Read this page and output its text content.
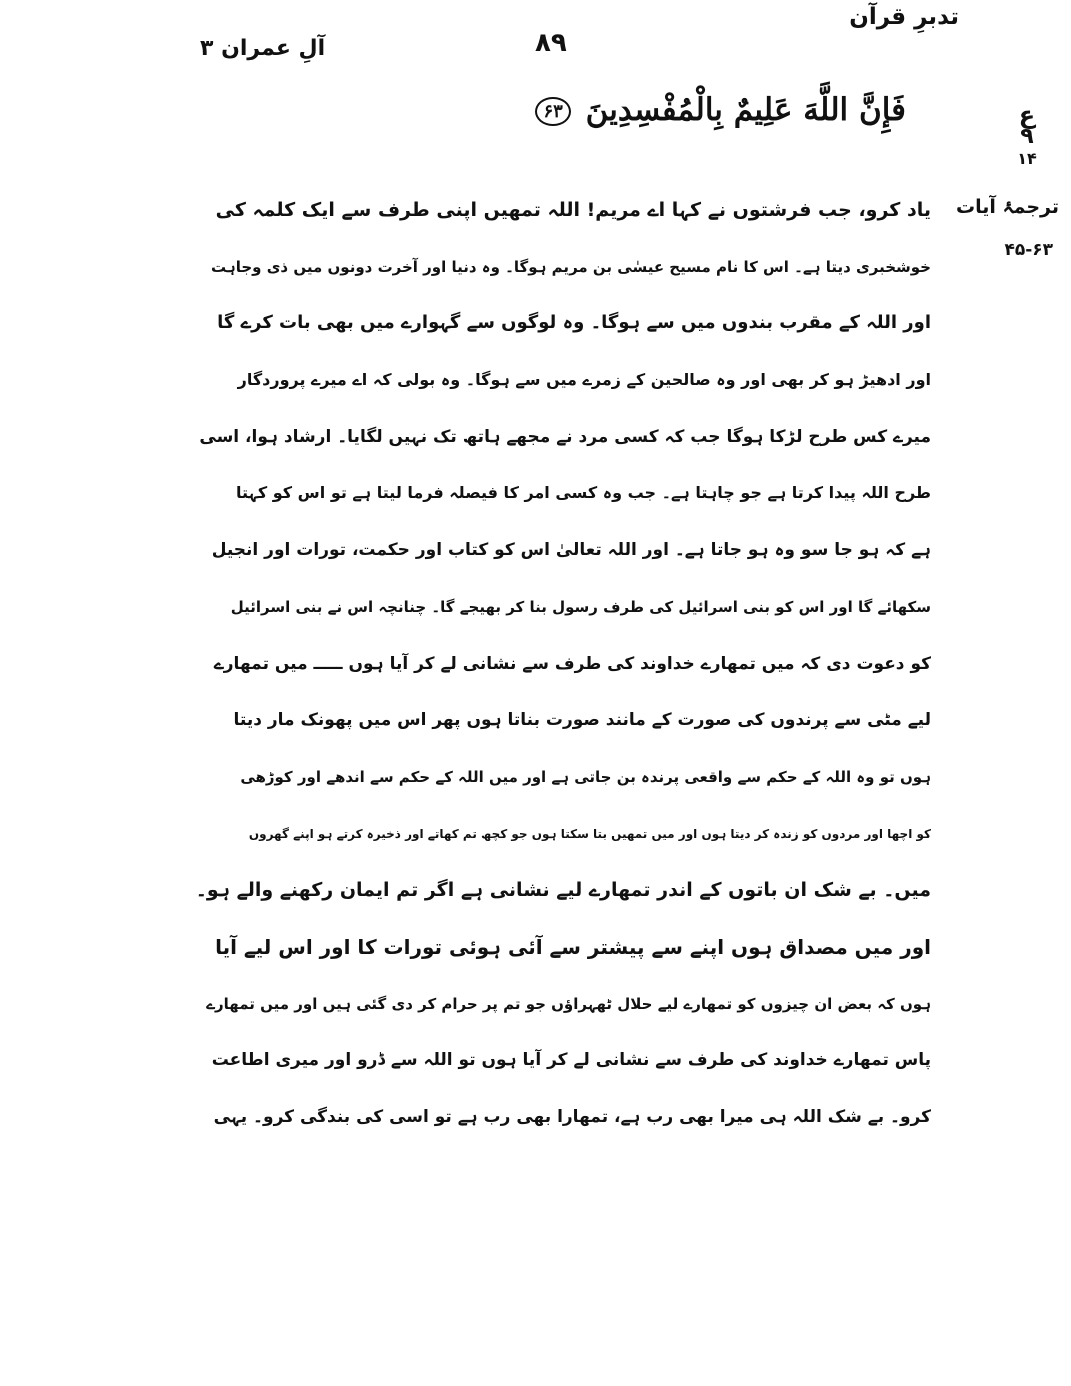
تدبرِ قرآن
۸۹
آلِ عمران ۳
فَإِنَّ اللَّهَ عَلِيمٌ بِالْمُفْسِدِينَ ۶۳	ع
۹
۱۴
ترجمۂ آیات
۴۵-۶۳
یاد کرو، جب فرشتوں نے کہا اے مریم! اللہ تمھیں اپنی طرف سے ایک کلمہ کی
خوشخبری دیتا ہے۔ اس کا نام مسیح عیسٰی بن مریم ہوگا۔ وہ دنیا اور آخرت دونوں میں ذی وجاہت
اور اللہ کے مقرب بندوں میں سے ہوگا۔ وہ لوگوں سے گہوارے میں بھی بات کرے گا
اور ادھیڑ ہو کر بھی اور وہ صالحین کے زمرے میں سے ہوگا۔ وہ بولی کہ اے میرے پروردگار
میرے کس طرح لڑکا ہوگا جب کہ کسی مرد نے مجھے ہاتھ تک نہیں لگایا۔ ارشاد ہوا، اسی
طرح اللہ پیدا کرتا ہے جو چاہتا ہے۔ جب وہ کسی امر کا فیصلہ فرما لیتا ہے تو اس کو کہتا
ہے کہ ہو جا سو وہ ہو جاتا ہے۔ اور اللہ تعالیٰ اس کو کتاب اور حکمت، تورات اور انجیل
سکھائے گا اور اس کو بنی اسرائیل کی طرف رسول بنا کر بھیجے گا۔ چنانچہ اس نے بنی اسرائیل
کو دعوت دی کہ میں تمھارے خداوند کی طرف سے نشانی لے کر آیا ہوں ـــــ میں تمھارے
لیے مٹی سے پرندوں کی صورت کے مانند صورت بناتا ہوں پھر اس میں پھونک مار دیتا
ہوں تو وہ اللہ کے حکم سے واقعی پرندہ بن جاتی ہے اور میں اللہ کے حکم سے اندھے اور کوڑھی
کو اچھا اور مردوں کو زندہ کر دیتا ہوں اور میں تمھیں بتا سکتا ہوں جو کچھ تم کھاتے اور ذخیرہ کرتے ہو اپنے گھروں
میں۔ بے شک ان باتوں کے اندر تمھارے لیے نشانی ہے اگر تم ایمان رکھنے والے ہو۔
اور میں مصداق ہوں اپنے سے پیشتر سے آئی ہوئی تورات کا اور اس لیے آیا
ہوں کہ بعض ان چیزوں کو تمھارے لیے حلال ٹھہراؤں جو تم پر حرام کر دی گئی ہیں اور میں تمھارے
پاس تمھارے خداوند کی طرف سے نشانی لے کر آیا ہوں تو اللہ سے ڈرو اور میری اطاعت
کرو۔ بے شک اللہ ہی میرا بھی رب ہے، تمھارا بھی رب ہے تو اسی کی بندگی کرو۔ یہی
